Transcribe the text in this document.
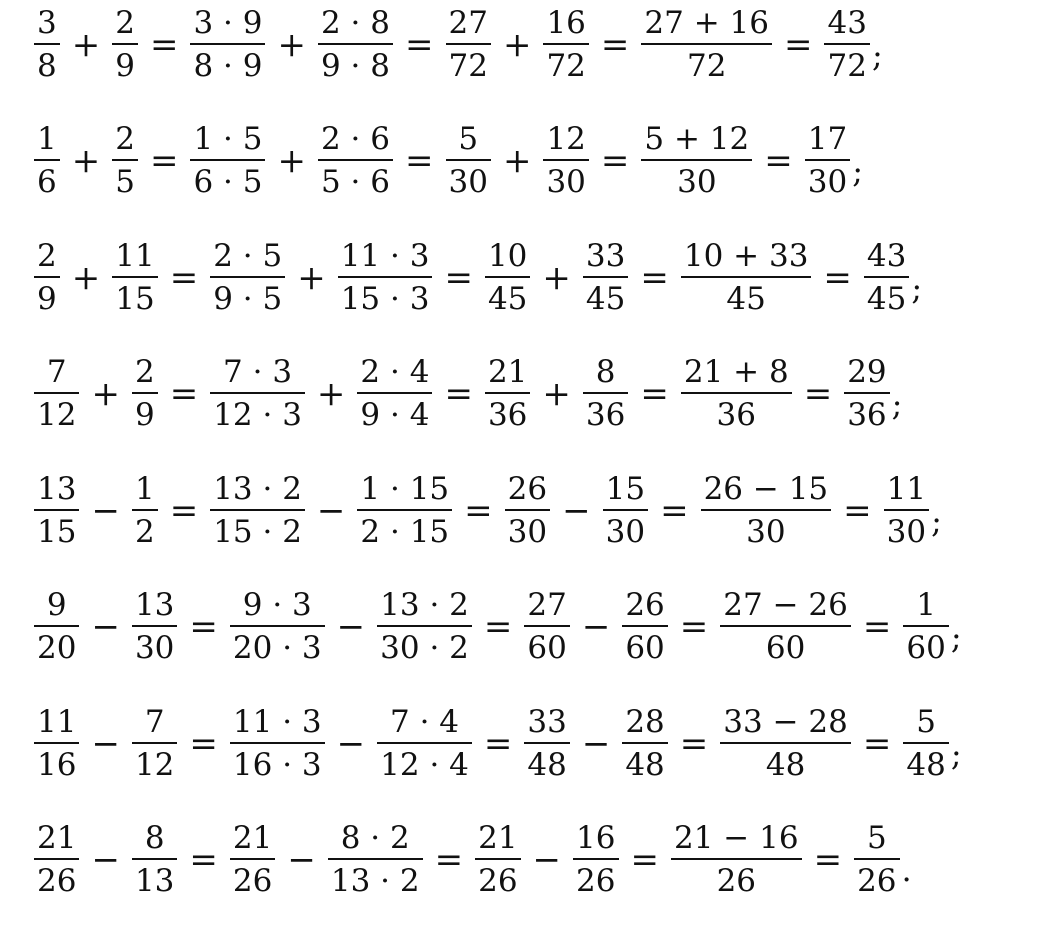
$\frac{3}{8} + \frac{2}{9} = \frac{3 \cdot 9}{8 \cdot 9} + \frac{2 \cdot 8}{9 \cdot 8} = \frac{27}{72} + \frac{16}{72} = \frac{27 + 16}{72} = \frac{43}{72}$ ;
$\frac{1}{6} + \frac{2}{5} = \frac{1 \cdot 5}{6 \cdot 5} + \frac{2 \cdot 6}{5 \cdot 6} = \frac{5}{30} + \frac{12}{30} = \frac{5 + 12}{30} = \frac{17}{30}$ ;
$\frac{2}{9} + \frac{11}{15} = \frac{2 \cdot 5}{9 \cdot 5} + \frac{11 \cdot 3}{15 \cdot 3} = \frac{10}{45} + \frac{33}{45} = \frac{10 + 33}{45} = \frac{43}{45}$ ;
$\frac{7}{12} + \frac{2}{9} = \frac{7 \cdot 3}{12 \cdot 3} + \frac{2 \cdot 4}{9 \cdot 4} = \frac{21}{36} + \frac{8}{36} = \frac{21 + 8}{36} = \frac{29}{36}$ ;
$\frac{13}{15} - \frac{1}{2} = \frac{13 \cdot 2}{15 \cdot 2} - \frac{1 \cdot 15}{2 \cdot 15} = \frac{26}{30} - \frac{15}{30} = \frac{26 - 15}{30} = \frac{11}{30}$ ;
$\frac{9}{20} - \frac{13}{30} = \frac{9 \cdot 3}{20 \cdot 3} - \frac{13 \cdot 2}{30 \cdot 2} = \frac{27}{60} - \frac{26}{60} = \frac{27 - 26}{60} = \frac{1}{60}$ ;
$\frac{11}{16} - \frac{7}{12} = \frac{11 \cdot 3}{16 \cdot 3} - \frac{7 \cdot 4}{12 \cdot 4} = \frac{33}{48} - \frac{28}{48} = \frac{33 - 28}{48} = \frac{5}{48}$ ;
$\frac{21}{26} - \frac{8}{13} = \frac{21}{26} - \frac{8 \cdot 2}{13 \cdot 2} = \frac{21}{26} - \frac{16}{26} = \frac{21 - 16}{26} = \frac{5}{26}$ .
